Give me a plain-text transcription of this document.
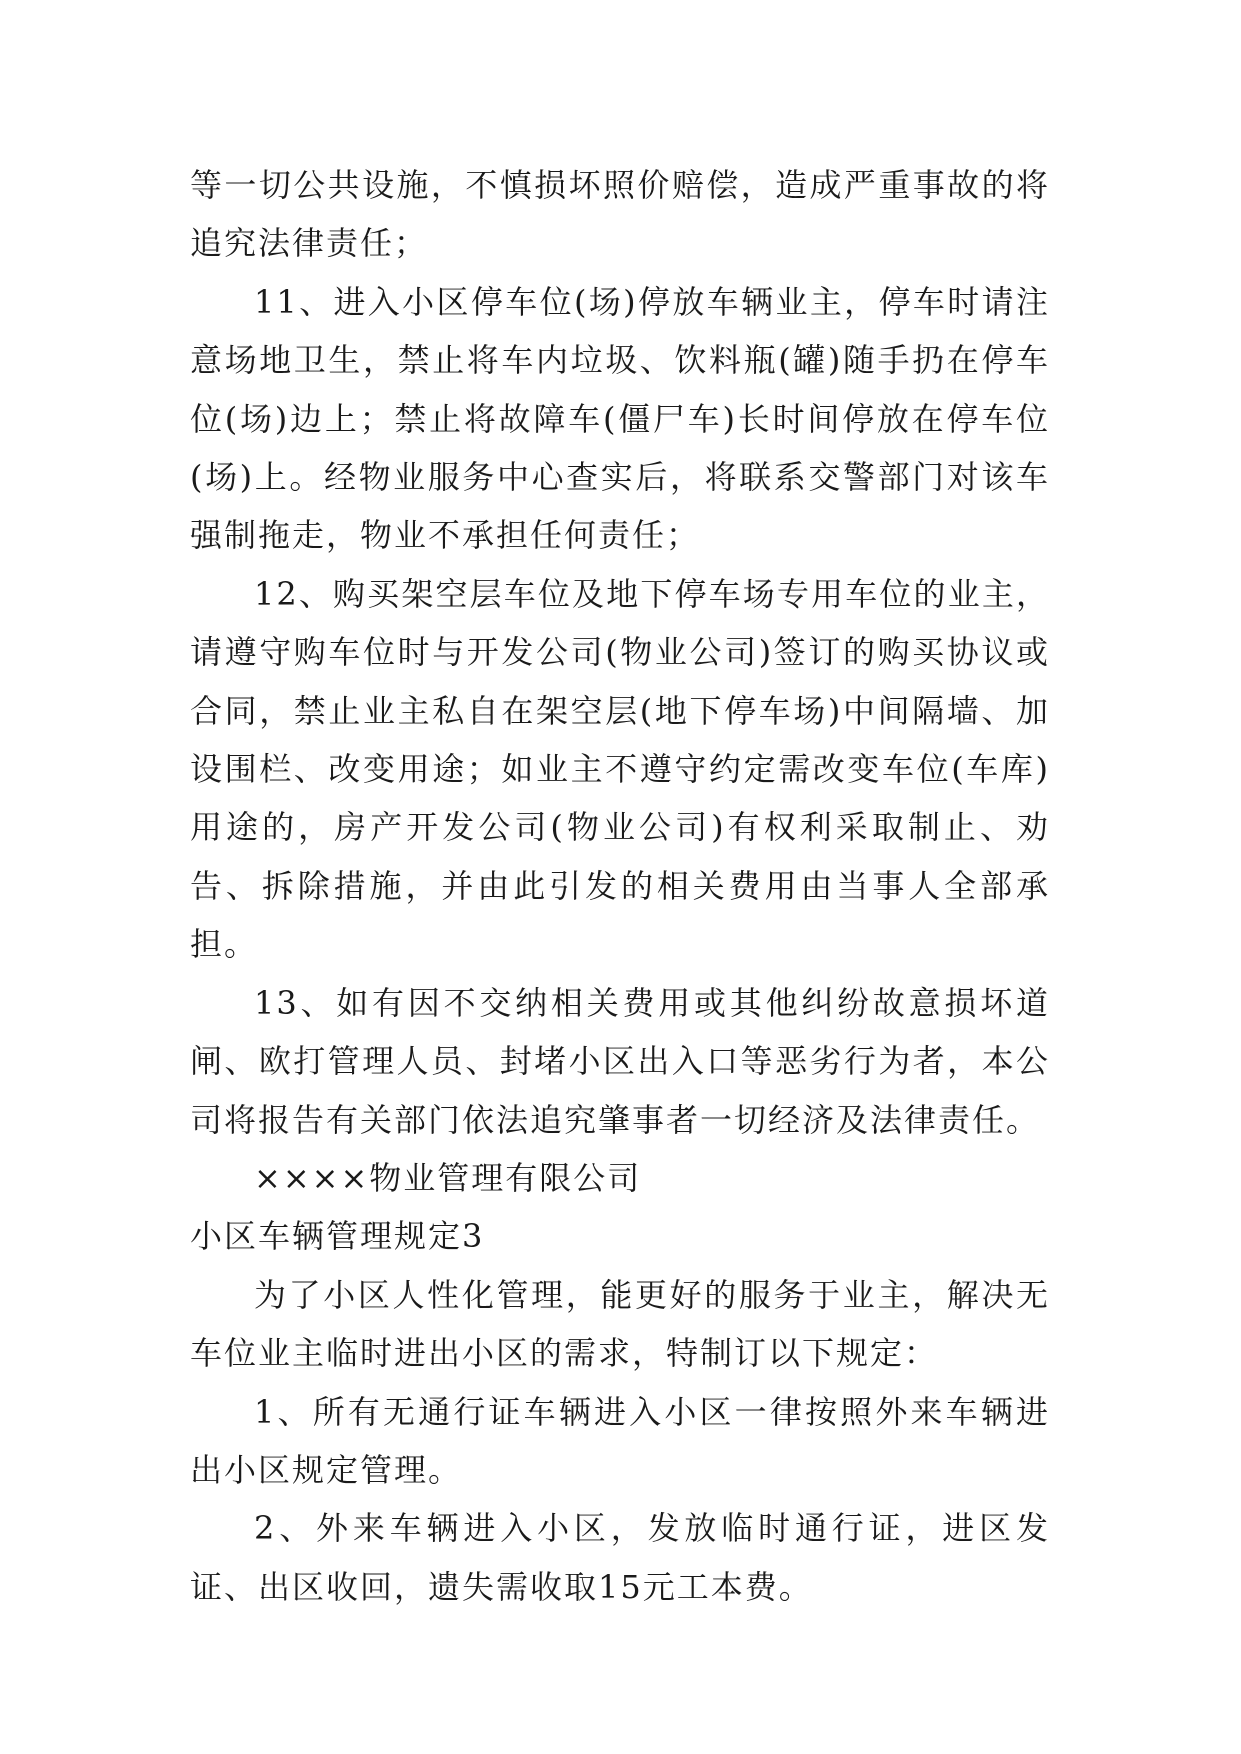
等一切公共设施，不慎损坏照价赔偿，造成严重事故的将追究法律责任；

11、进入小区停车位(场)停放车辆业主，停车时请注意场地卫生，禁止将车内垃圾、饮料瓶(罐)随手扔在停车位(场)边上；禁止将故障车(僵尸车)长时间停放在停车位(场)上。经物业服务中心查实后，将联系交警部门对该车强制拖走，物业不承担任何责任；

12、购买架空层车位及地下停车场专用车位的业主，请遵守购车位时与开发公司(物业公司)签订的购买协议或合同，禁止业主私自在架空层(地下停车场)中间隔墙、加设围栏、改变用途；如业主不遵守约定需改变车位(车库)用途的，房产开发公司(物业公司)有权利采取制止、劝告、拆除措施，并由此引发的相关费用由当事人全部承担。

13、如有因不交纳相关费用或其他纠纷故意损坏道闸、欧打管理人员、封堵小区出入口等恶劣行为者，本公司将报告有关部门依法追究肇事者一切经济及法律责任。

××××物业管理有限公司

小区车辆管理规定3

为了小区人性化管理，能更好的服务于业主，解决无车位业主临时进出小区的需求，特制订以下规定：

1、所有无通行证车辆进入小区一律按照外来车辆进出小区规定管理。

2、外来车辆进入小区，发放临时通行证，进区发证、出区收回，遗失需收取15元工本费。
